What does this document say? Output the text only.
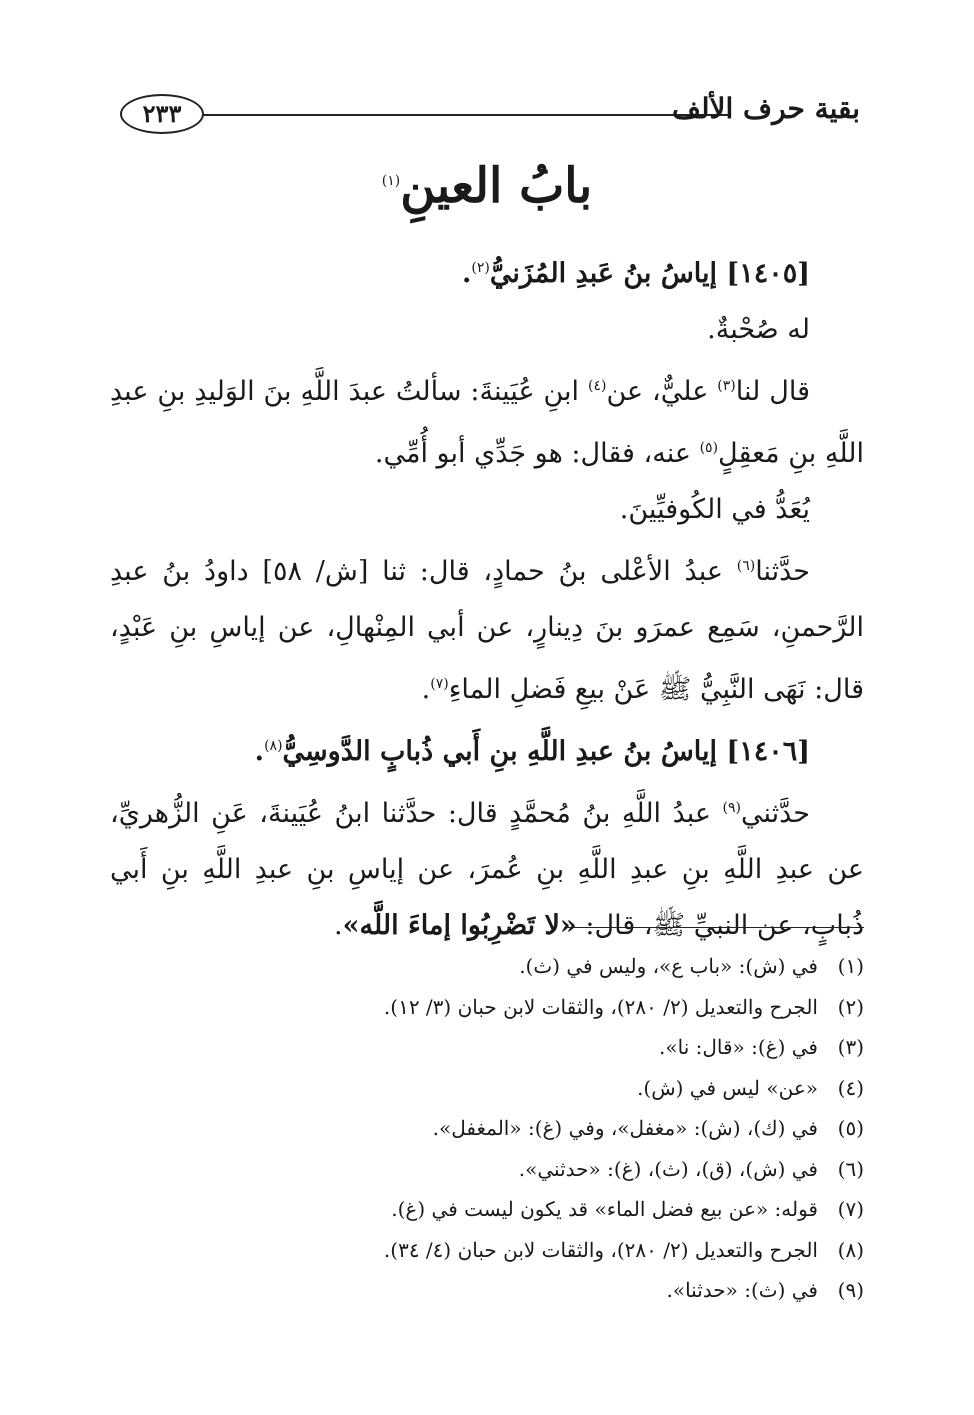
٢٣٣	بقية حرف الألف
بابُ العينِ$^{(١)}$

[١٤٠٥] إياسُ بنُ عَبدِ المُزَنيُّ$^{(٢)}$.

له صُحْبةٌ.

قال لنا$^{(٣)}$ عليٌّ، عن$^{(٤)}$ ابنِ عُيَينةَ: سألتُ عبدَ اللَّهِ بنَ الوَليدِ بنِ عبدِ اللَّهِ بنِ مَعقِلٍ$^{(٥)}$ عنه، فقال: هو جَدِّي أبو أُمِّي.

يُعَدُّ في الكُوفيِّينَ.

حدَّثنا$^{(٦)}$ عبدُ الأعْلى بنُ حمادٍ، قال: ثنا [ش/ ٥٨] داودُ بنُ عبدِ الرَّحمنِ، سَمِع عمرَو بنَ دِينارٍ، عن أبي المِنْهالِ، عن إياسِ بنِ عَبْدٍ، قال: نَهَى النَّبِيُّ ﷺ عَنْ بيعِ فَضلِ الماءِ$^{(٧)}$.

[١٤٠٦] إياسُ بنُ عبدِ اللَّهِ بنِ أَبي ذُبابٍ الدَّوسِيُّ$^{(٨)}$.

حدَّثني$^{(٩)}$ عبدُ اللَّهِ بنُ مُحمَّدٍ قال: حدَّثنا ابنُ عُيَينةَ، عَنِ الزُّهريِّ، عن عبدِ اللَّهِ بنِ عبدِ اللَّهِ بنِ عُمرَ، عن إياسِ بنِ عبدِ اللَّهِ بنِ أَبي ذُبابٍ، عن النبيِّ ﷺ، قال: «لا تَضْرِبُوا إماءَ اللَّه».

(١)
في (ش): «باب ع»، وليس في (ث).
(٢)
الجرح والتعديل (٢/ ٢٨٠)، والثقات لابن حبان (٣/ ١٢).
(٣)
في (غ): «قال: نا».
(٤)
«عن» ليس في (ش).
(٥)
في (ك)، (ش): «مغفل»، وفي (غ): «المغفل».
(٦)
في (ش)، (ق)، (ث)، (غ): «حدثني».
(٧)
قوله: «عن بيع فضل الماء» قد يكون ليست في (غ).
(٨)
الجرح والتعديل (٢/ ٢٨٠)، والثقات لابن حبان (٤/ ٣٤).
(٩)
في (ث): «حدثنا».
